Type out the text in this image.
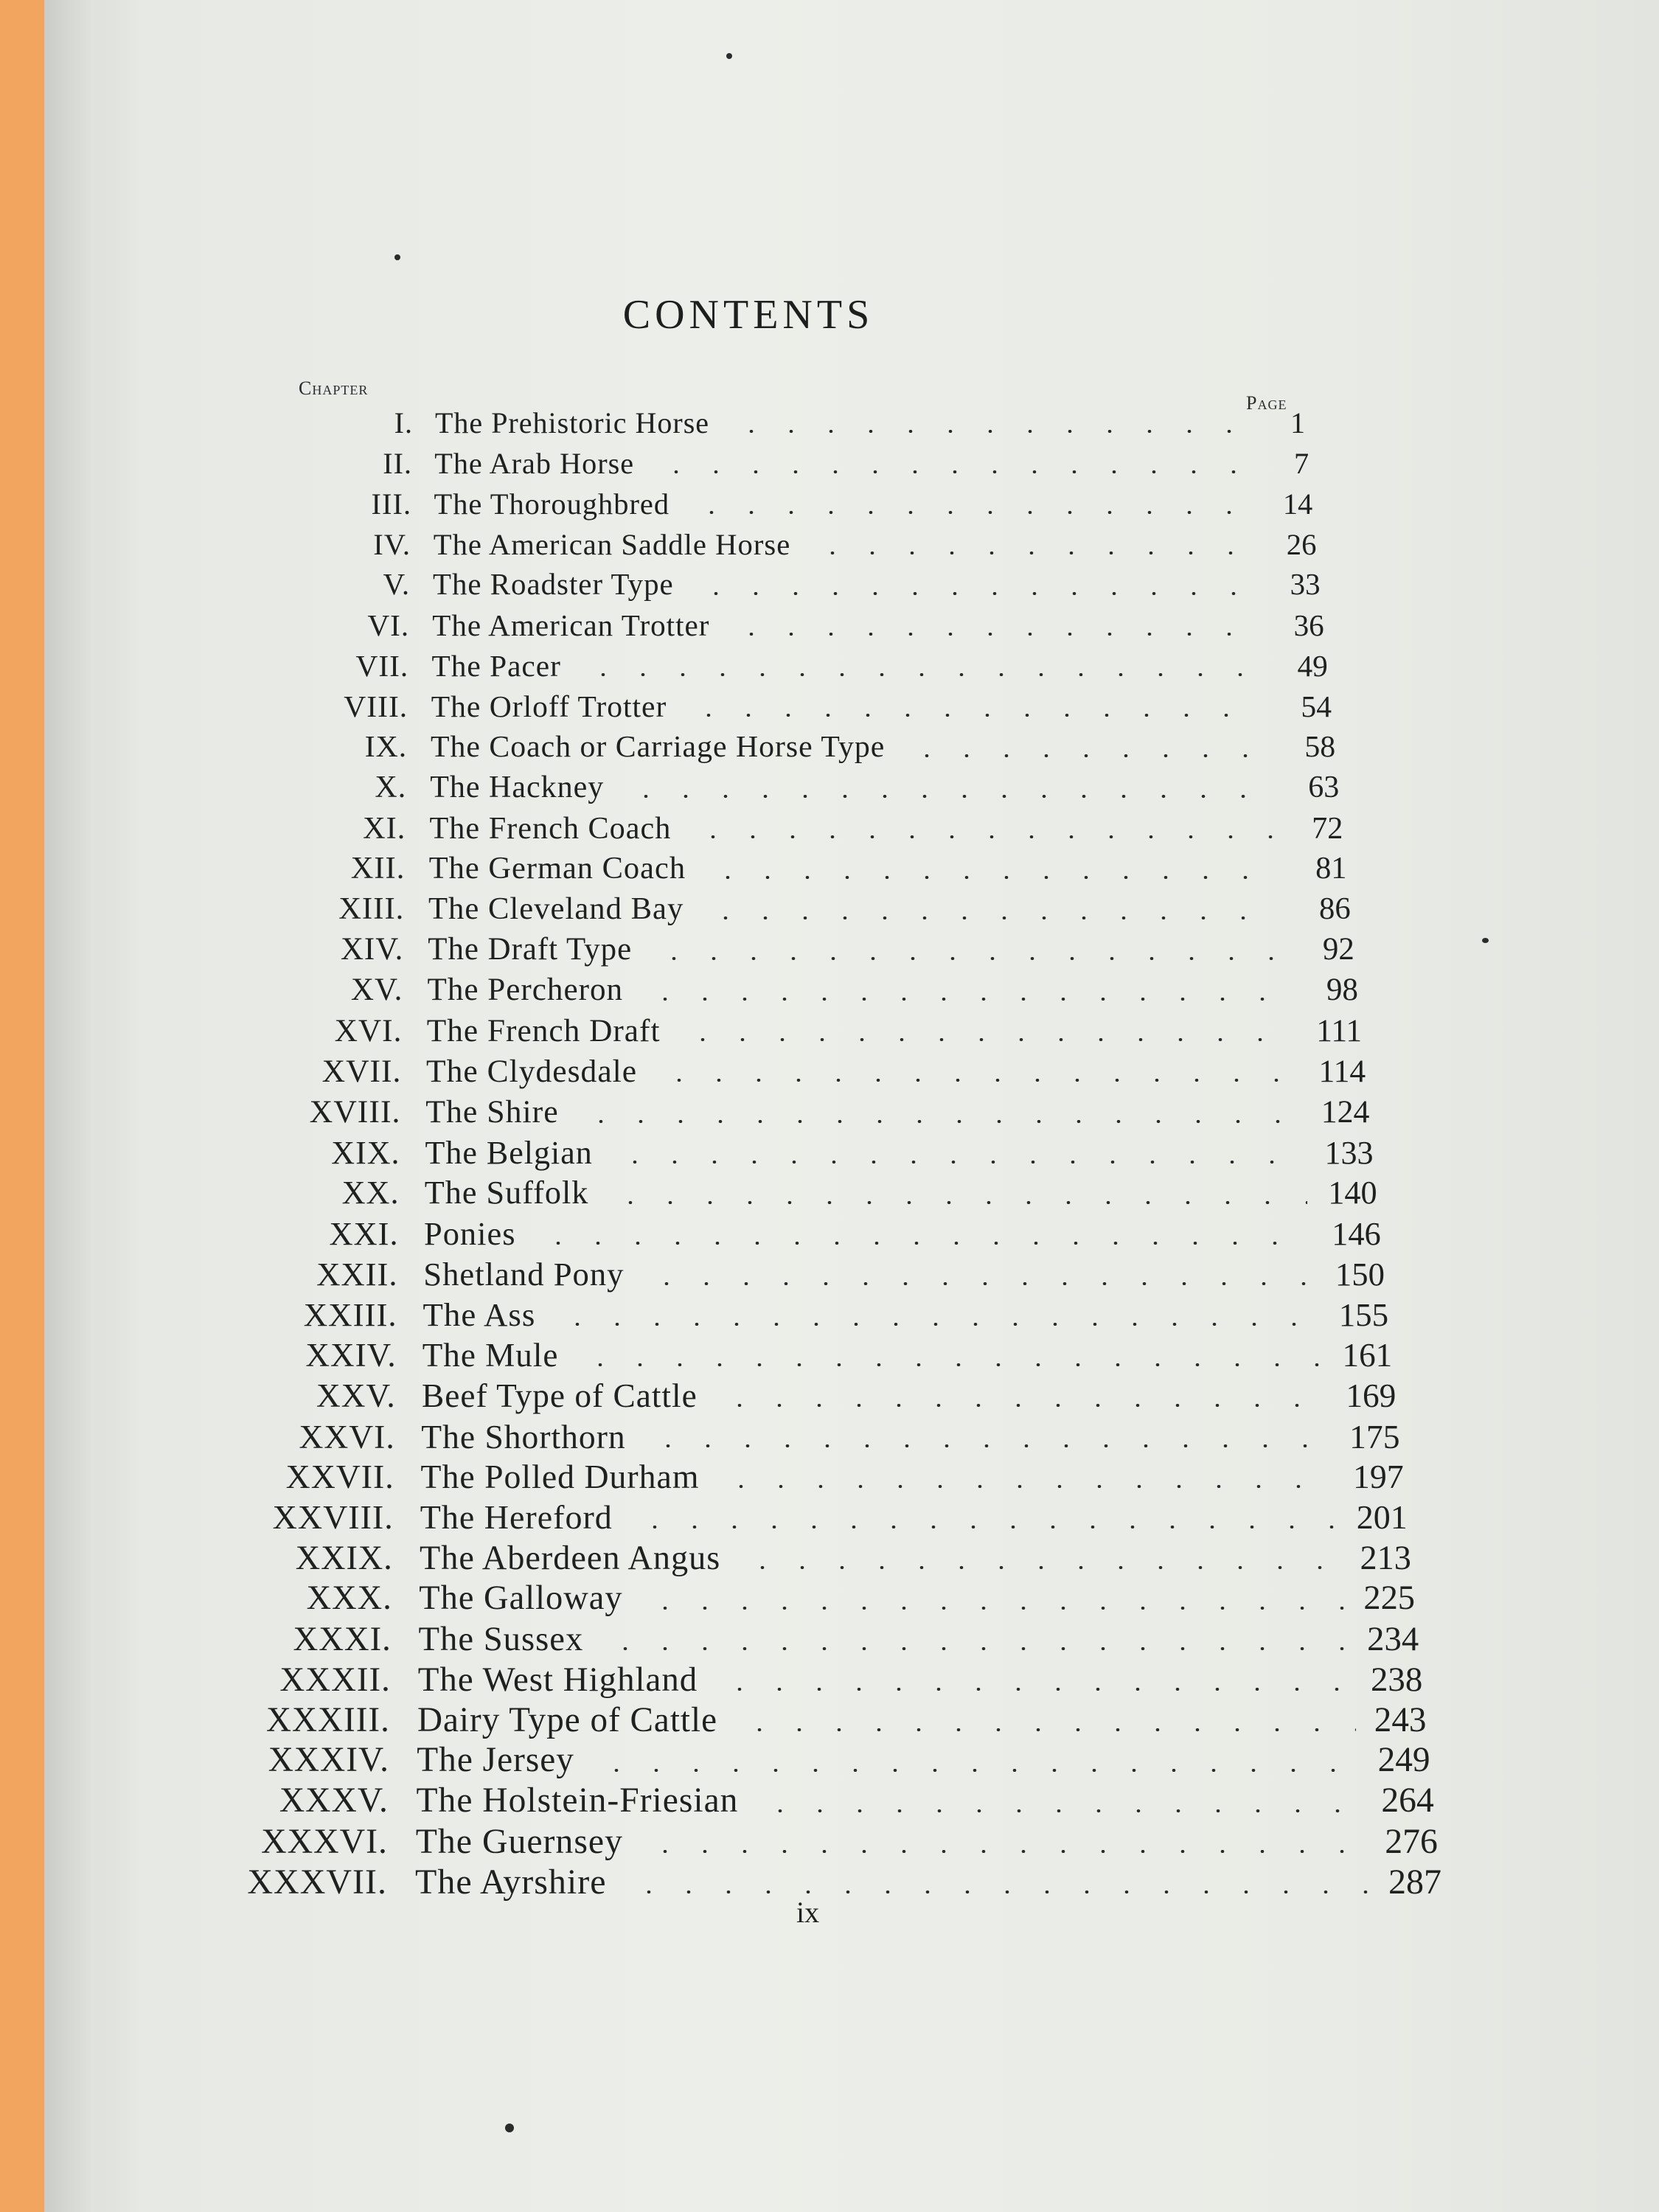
CONTENTS
Chapter
Page
I. The Prehistoric Horse	1
II. The Arab Horse	7
III. The Thoroughbred	14
IV. The American Saddle Horse	26
V. The Roadster Type	33
VI. The American Trotter	36
VII. The Pacer	49
VIII. The Orloff Trotter	54
IX. The Coach or Carriage Horse Type	58
X. The Hackney	63
XI. The French Coach	72
XII. The German Coach	81
XIII. The Cleveland Bay	86
XIV. The Draft Type	92
XV. The Percheron	98
XVI. The French Draft	111
XVII. The Clydesdale	114
XVIII. The Shire	124
XIX. The Belgian	133
XX. The Suffolk	140
XXI. Ponies	146
XXII. Shetland Pony	150
XXIII. The Ass	155
XXIV. The Mule	161
XXV. Beef Type of Cattle	169
XXVI. The Shorthorn	175
XXVII. The Polled Durham	197
XXVIII. The Hereford	201
XXIX. The Aberdeen Angus	213
XXX. The Galloway	225
XXXI. The Sussex	234
XXXII. The West Highland	238
XXXIII. Dairy Type of Cattle	243
XXXIV. The Jersey	249
XXXV. The Holstein-Friesian	264
XXXVI. The Guernsey	276
XXXVII. The Ayrshire	287
ix
